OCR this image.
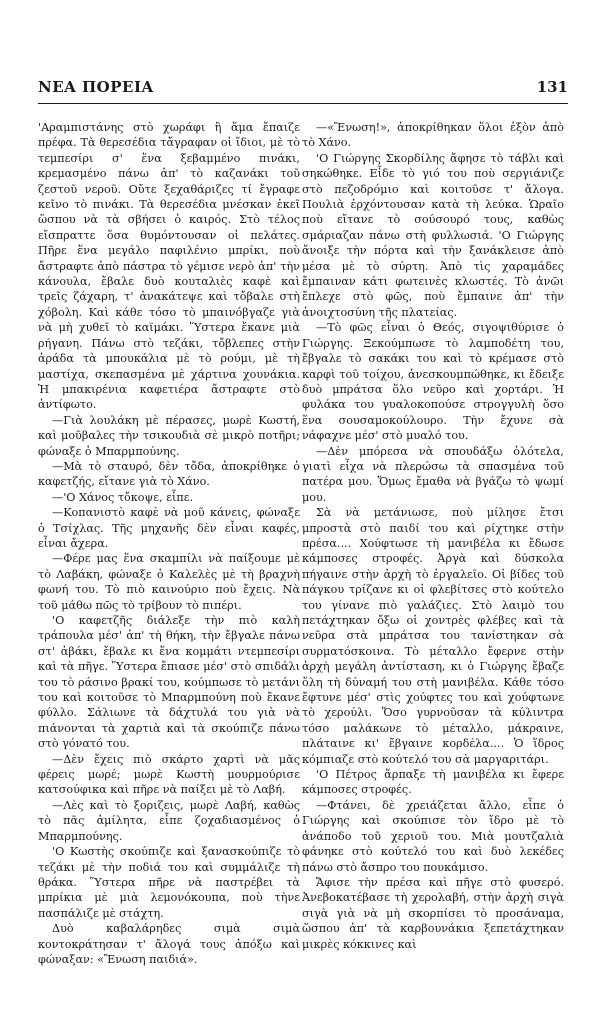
ΝΕΑ ΠΟΡΕΙΑ	131

'Αραμπιστάνης στὸ χωράφι ἢ ἅμα ἔπαιζε πρέφα. Τὰ θερεσέδια τἄγραφαν οἱ ἴδιοι, μὲ τὸ τεμπεσίρι σ' ἕνα ξεβαμμένο πινάκι, κρεμασμένο πάνω ἀπ' τὸ καζανάκι τοῦ ζεστοῦ νεροῦ. Οὔτε ξεχαθάριζες τί ἔγραφε κεῖνο τὸ πινάκι. Τὰ θερεσέδια μνέσκαν ἐκεῖ ὥσπου νὰ τὰ σβήσει ὁ καιρός. Στὸ τέλος εἴσπραττε ὅσα θυμόντουσαν οἱ πελάτες. Πῆρε ἕνα μεγάλο παφιλένιο μπρίκι, ποὺ ἄστραφτε ἀπὸ πάστρα τὸ γέμισε νερὸ ἀπ' τὴν κάνουλα, ἔβαλε δυὸ κουταλιὲς καφὲ καὶ τρεῖς ζάχαρη, τ' ἀνακάτεψε καὶ τὄβαλε στὴ χόβολη. Καὶ κάθε τόσο τὸ μπαινόβγαζε γιὰ νὰ μὴ χυθεῖ τὸ καϊμάκι. Ὕστερα ἔκανε μιὰ ρήγανη. Πάνω στὸ τεζάκι, τὄβλεπες στὴν ἀράδα τὰ μπουκάλια μὲ τὸ ρούμι, μὲ τὴ μαστίχα, σκεπασμένα μὲ χάρτινα χουνάκια. Ἡ μπακιρένια καφετιέρα ἄστραφτε στὸ ἀντίφωτο.

—Γιὰ λουλάκη μὲ πέρασες, μωρὲ Κωστή, καὶ μοῦβαλες τὴν τσικουδιὰ σὲ μικρὸ ποτῆρι; φώναξε ὁ Μπαρμπούνης.

—Μὰ τὸ σταυρό, δὲν τὄδα, ἀποκρίθηκε ὁ καφετζής, εἴτανε γιὰ τὸ Χάνο.

—'Ο Χάνος τὄκοψε, εἶπε.

—Κοπανιστὸ καφὲ νὰ μοῦ κάνεις, φώναξε ὁ Τσίχλας. Τῆς μηχανῆς δὲν εἶναι καφές, εἶναι ἄχερα.

—Φέρε μας ἕνα σκαμπίλι νὰ παίξουμε μὲ τὸ Λαβάκη, φώναξε ὁ Καλελὲς μὲ τὴ βραχνὴ φωνή του. Τὸ πιὸ καινούριο ποὺ ἔχεις. Νὰ τοῦ μάθω πῶς τὸ τρίβουν τὸ πιπέρι.

'Ο καφετζῆς διάλεξε τὴν πιὸ καλὴ τράπουλα μέσ' ἀπ' τὴ θήκη, τὴν ἔβγαλε πάνω στ' ἀβάκι, ἔβαλε κι ἕνα κομμάτι ντεμπεσίρι καὶ τὰ πῆγε. Ὕστερα ἔπιασε μέσ' στὸ σπιδάλι του τὸ ράσινο βρακί του, κούμπωσε τὸ μετάνι του καὶ κοιτοῦσε τὸ Μπαρμπούνη ποὺ ἔκανε φύλλο. Σάλιωνε τὰ δάχτυλά του γιὰ νὰ πιάνονται τὰ χαρτιὰ καὶ τὰ σκούπιζε πάνω στὸ γόνατό του.

—Δὲν ἔχεις πιὸ σκάρτο χαρτὶ νὰ μᾶς φέρεις μωρέ; μωρὲ Κωστὴ μουρμούρισε κατσούφικα καὶ πῆρε νὰ παίξει μὲ τὸ Λαβή.

—Λὲς καὶ τὸ ξοριζεις, μωρὲ Λαβή, καθὼς τὸ πᾶς ἁμίλητα, εἶπε ζοχαδιασμένος ὁ Μπαρμπούνης.

'Ο Κωστὴς σκούπιζε καὶ ξανασκούπιζε τὸ τεζάκι μὲ τὴν ποδιά του καὶ συμμάλιζε τὴ θράκα. Ὕστερα πῆρε νὰ παστρέβει τὰ μπρίκια μὲ μιὰ λεμονόκουπα, ποὺ τὴνε πασπάλιζε μὲ στάχτη.

Δυὸ καβαλάρηδες σιμὰ σιμὰ κοντοκράτησαν τ' ἄλογά τους ἀπόξω καὶ φώναξαν: «Ἔνωση παιδιά».

—«Ἔνωση!», ἀποκρίθηκαν ὅλοι ἐξὸν ἀπὸ τὸ Χάνο.

'Ο Γιώργης Σκορδίλης ἄφησε τὸ τάβλι καὶ σηκώθηκε. Εἶδε τὸ γιό του ποὺ σεργιάνιζε στὸ πεζοδρόμιο καὶ κοιτοῦσε τ' ἄλογα. Πουλιὰ ἐρχόντουσαν κατὰ τὴ λεύκα. Ὡραῖο ποὺ εἴτανε τὸ σούσουρό τους, καθὼς σμάριαζαν πάνω στὴ φυλλωσιά. 'Ο Γιώργης ἄνοιξε τὴν πόρτα καὶ τὴν ξανάκλεισε ἀπὸ μέσα μὲ τὸ σύρτη. Ἀπὸ τὶς χαραμάδες ἔμπαιναν κάτι φωτεινὲς κλωστές. Τὸ ἀνῶι ἔπλεχε στὸ φῶς, ποὺ ἔμπαινε ἀπ' τὴν ἀνοιχτοσύνη τῆς πλατείας.

—Τὸ φῶς εἶναι ὁ Θεός, σιγοψιθύρισε ὁ Γιώργης. Ξεκούμπωσε τὸ λαμποδέτη του, ἔβγαλε τὸ σακάκι του καὶ τὸ κρέμασε στὸ καρφὶ τοῦ τοίχου, ἀνεσκουμπώθηκε, κι ἔδειξε δυὸ μπράτσα ὅλο νεῦρο καὶ χορτάρι. Ἡ φυλάκα του γυαλοκοπούσε στρογγυλὴ ὅσο ἕνα σουσαμοκούλουρο. Τὴν ἔχυνε σὰ νάφαχνε μέσ' στὸ μυαλό του.

—Δὲν μπόρεσα νὰ σπουδάξω ὁλότελα, γιατὶ εἶχα νὰ πλερώσω τὰ σπασμένα τοῦ πατέρα μου. Ὅμως ἔμαθα νὰ βγάζω τὸ ψωμί μου.

Σὰ νὰ μετάνιωσε, ποὺ μίλησε ἔτσι μπροστὰ στὸ παιδί του καὶ ρίχτηκε στὴν πρέσα.... Χούφτωσε τὴ μανιβέλα κι ἔδωσε κάμποσες στροφές. Ἀργὰ καὶ δύσκολα πήγαινε στὴν ἀρχὴ τὸ ἐργαλεῖο. Οἱ βίδες τοῦ πάγκου τρίζανε κι οἱ φλεβίτσες στὸ κούτελο του γίνανε πιὸ γαλάζιες. Στὸ λαιμὸ του πετάχτηκαν ὄξω οἱ χοντρὲς φλέβες καὶ τὰ νεῦρα στὰ μπράτσα του τανίστηκαν σὰ συρματόσκοινα. Τὸ μέταλλο ἔφερνε στὴν ἀρχὴ μεγάλη ἀντίσταση, κι ὁ Γιώργης ἔβαζε ὅλη τὴ δύναμή του στὴ μανιβέλα. Κάθε τόσο ἔφτυνε μέσ' στὶς χούφτες του καὶ χούφτωνε τὸ χερούλι. Ὅσο γυρνοῦσαν τὰ κύλιντρα τόσο μαλάκωνε τὸ μέταλλο, μάκραινε, πλάταινε κι' ἔβγαινε κορδέλα.... Ὁ ἵδρος κόμπιαζε στὸ κούτελό του σὰ μαργαριτάρι.

'Ο Πέτρος ἅρπαξε τὴ μανιβέλα κι ἔφερε κάμποσες στροφές.

—Φτάνει, δὲ χρειάζεται ἄλλο, εἶπε ὁ Γιώργης καὶ σκούπισε τὸν ἵδρο μὲ τὸ ἀνάποδο τοῦ χεριοῦ του. Μιὰ μουτζαλιὰ φάνηκε στὸ κούτελό του καὶ δυὸ λεκέδες πάνω στὸ ἄσπρο του πουκάμισο.

Ἄφισε τὴν πρέσα καὶ πῆγε στὸ φυσερό. Ἀνεβοκατέβασε τὴ χερολαβή, στὴν ἀρχὴ σιγὰ σιγὰ γιὰ νὰ μὴ σκορπίσει τὸ προσάναμα, ὥσπου ἀπ' τὰ καρβουνάκια ξεπετάχτηκαν μικρὲς κόκκινες καὶ
